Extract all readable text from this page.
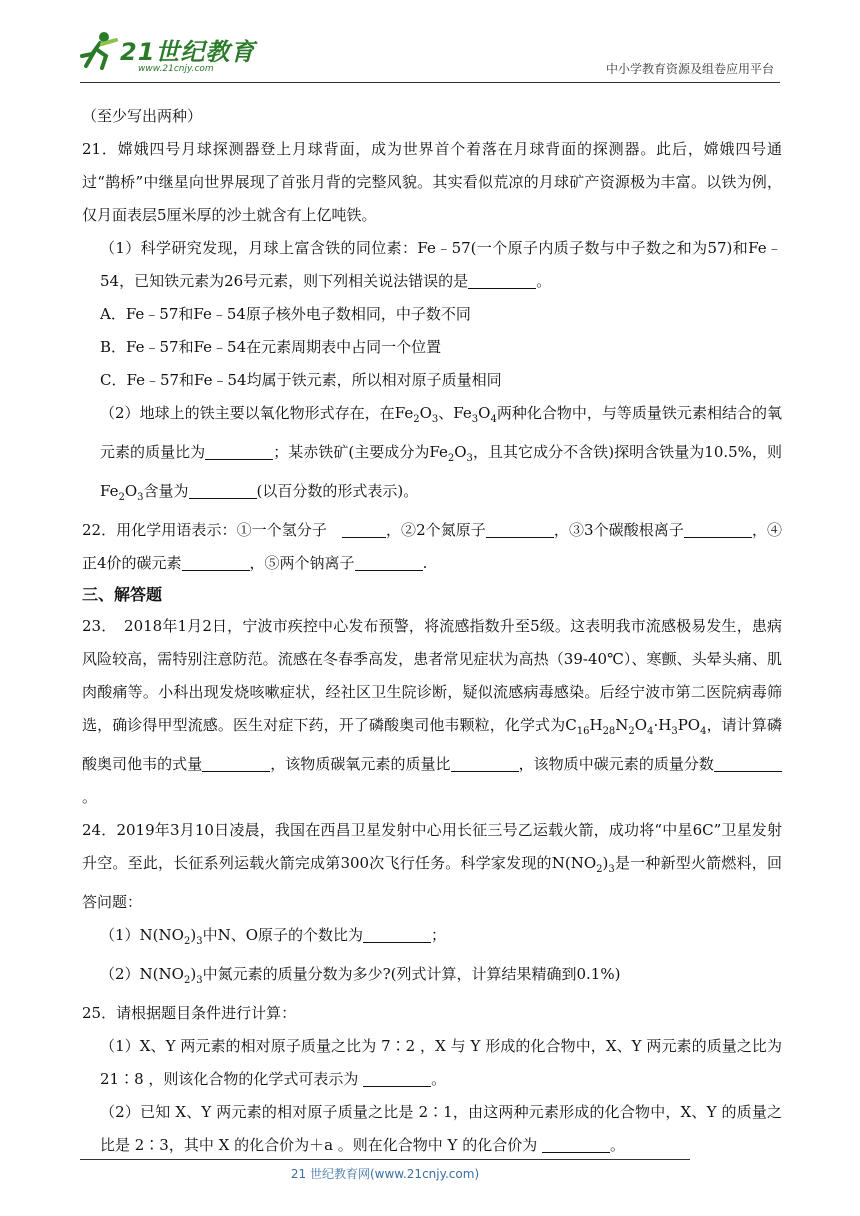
21世纪教育
www.21cnjy.com	中小学教育资源及组卷应用平台

（至少写出两种）

21．嫦娥四号月球探测器登上月球背面，成为世界首个着落在月球背面的探测器。此后，嫦娥四号通过“鹊桥”中继星向世界展现了首张月背的完整风貌。其实看似荒凉的月球矿产资源极为丰富。以铁为例，仅月面表层5厘米厚的沙土就含有上亿吨铁。

（1）科学研究发现，月球上富含铁的同位素：Fe﹣57(一个原子内质子数与中子数之和为57)和Fe﹣54，已知铁元素为26号元素，则下列相关说法错误的是	。

A．Fe﹣57和Fe﹣54原子核外电子数相同，中子数不同

B．Fe﹣57和Fe﹣54在元素周期表中占同一个位置

C．Fe﹣57和Fe﹣54均属于铁元素，所以相对原子质量相同

（2）地球上的铁主要以氧化物形式存在，在$Fe_2O_3$、$Fe_3O_4$两种化合物中，与等质量铁元素相结合的氧元素的质量比为	；某赤铁矿(主要成分为$Fe_2O_3$，且其它成分不含铁)探明含铁量为10.5%，则$Fe_2O_3$含量为	(以百分数的形式表示)。

22．用化学用语表示：①一个氢分子　	，②2个氮原子	，③3个碳酸根离子	，④正4价的碳元素	，⑤两个钠离子	.

三、解答题

23．　2018年1月2日，宁波市疾控中心发布预警，将流感指数升至5级。这表明我市流感极易发生，患病风险较高，需特别注意防范。流感在冬春季高发，患者常见症状为高热（39-40℃）、寒颤、头晕头痛、肌肉酸痛等。小科出现发烧咳嗽症状，经社区卫生院诊断，疑似流感病毒感染。后经宁波市第二医院病毒筛选，确诊得甲型流感。医生对症下药，开了磷酸奥司他韦颗粒，化学式为$C_{16}H_{28}N_2O_4\cdot H_3PO_4$，请计算磷酸奥司他韦的式量	，该物质碳氧元素的质量比	，该物质中碳元素的质量分数。

24．2019年3月10日凌晨，我国在西昌卫星发射中心用长征三号乙运载火箭，成功将“中星6C”卫星发射升空。至此，长征系列运载火箭完成第300次飞行任务。科学家发现的$N(NO_2)_3$是一种新型火箭燃料，回答问题：

$(1)N(NO_2)_3$中N、O原子的个数比为	；

$(2)N(NO_2)_3$中氮元素的质量分数为多少?(列式计算，计算结果精确到0.1%)

25．请根据题目条件进行计算：

（1）X、Y 两元素的相对原子质量之比为 7∶2 ，X 与 Y 形成的化合物中，X、Y 两元素的质量之比为 21∶8 ，则该化合物的化学式可表示为	。

（2）已知 X、Y 两元素的相对原子质量之比是 2∶1，由这两种元素形成的化合物中，X、Y 的质量之比是 2∶3，其中 X 的化合价为＋a 。则在化合物中 Y 的化合价为	。

21 世纪教育网(www.21cnjy.com)
